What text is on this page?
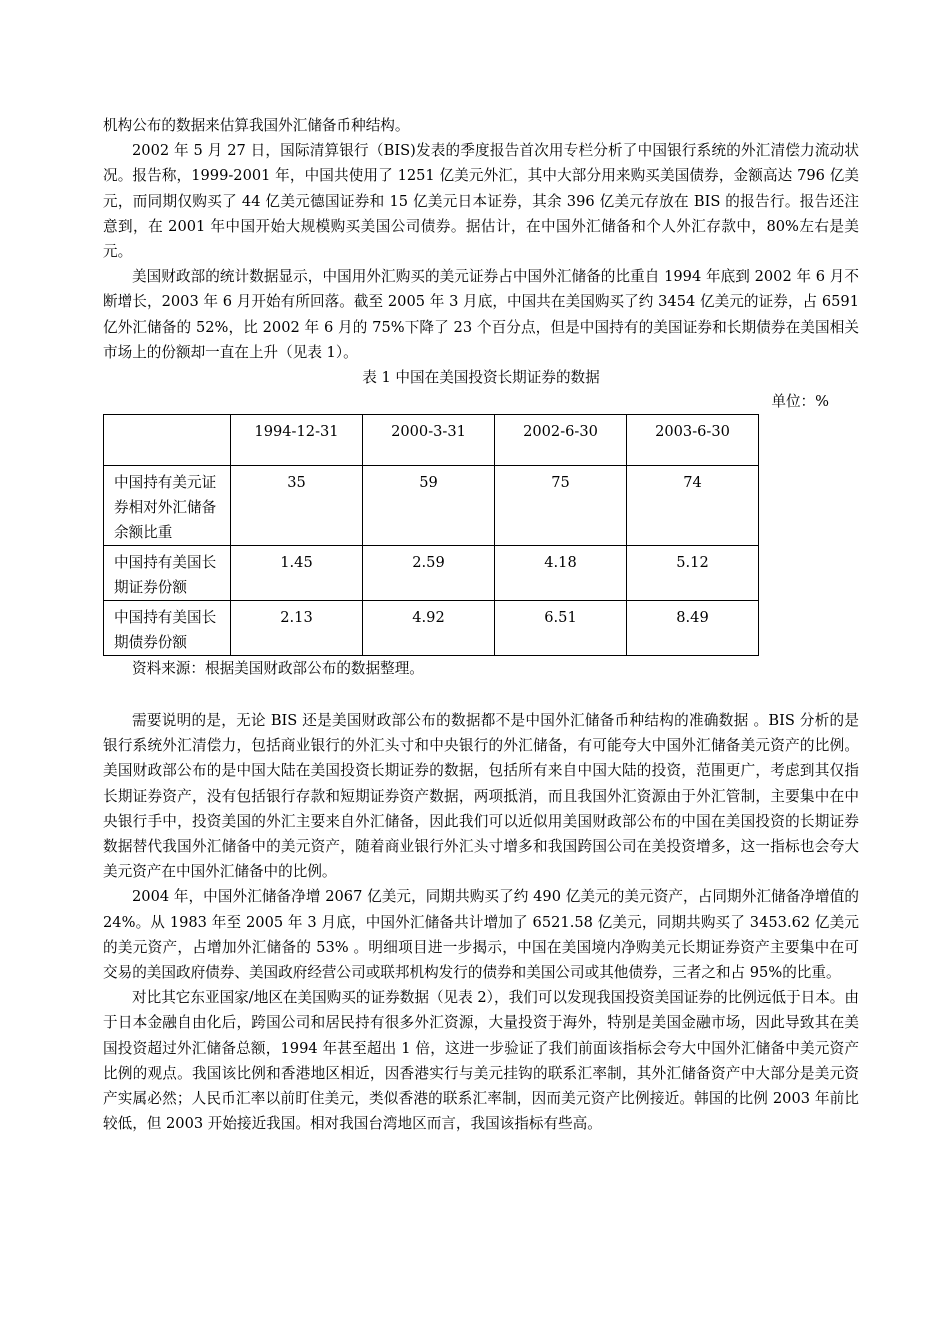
机构公布的数据来估算我国外汇储备币种结构。

2002 年 5 月 27 日，国际清算银行（BIS)发表的季度报告首次用专栏分析了中国银行系统的外汇清偿力流动状况。报告称，1999-2001 年，中国共使用了 1251 亿美元外汇，其中大部分用来购买美国债券，金额高达 796 亿美元，而同期仅购买了 44 亿美元德国证券和 15 亿美元日本证券，其余 396 亿美元存放在 BIS 的报告行。报告还注意到，在 2001 年中国开始大规模购买美国公司债券。据估计，在中国外汇储备和个人外汇存款中，80%左右是美元。

美国财政部的统计数据显示，中国用外汇购买的美元证券占中国外汇储备的比重自 1994 年底到 2002 年 6 月不断增长，2003 年 6 月开始有所回落。截至 2005 年 3 月底，中国共在美国购买了约 3454 亿美元的证券，占 6591 亿外汇储备的 52%，比 2002 年 6 月的 75%下降了 23 个百分点，但是中国持有的美国证券和长期债券在美国相关市场上的份额却一直在上升（见表 1）。

表 1 中国在美国投资长期证券的数据

单位：%

	1994-12-31	2000-3-31	2002-6-30	2003-6-30
中国持有美元证券相对外汇储备余额比重	35	59	75	74
中国持有美国长期证券份额	1.45	2.59	4.18	5.12
中国持有美国长期债券份额	2.13	4.92	6.51	8.49

资料来源：根据美国财政部公布的数据整理。

需要说明的是，无论 BIS 还是美国财政部公布的数据都不是中国外汇储备币种结构的准确数据 。BIS 分析的是银行系统外汇清偿力，包括商业银行的外汇头寸和中央银行的外汇储备，有可能夸大中国外汇储备美元资产的比例。美国财政部公布的是中国大陆在美国投资长期证券的数据，包括所有来自中国大陆的投资，范围更广，考虑到其仅指长期证券资产，没有包括银行存款和短期证券资产数据，两项抵消，而且我国外汇资源由于外汇管制，主要集中在中央银行手中，投资美国的外汇主要来自外汇储备，因此我们可以近似用美国财政部公布的中国在美国投资的长期证券数据替代我国外汇储备中的美元资产，随着商业银行外汇头寸增多和我国跨国公司在美投资增多，这一指标也会夸大美元资产在中国外汇储备中的比例。

2004 年，中国外汇储备净增 2067 亿美元，同期共购买了约 490 亿美元的美元资产，占同期外汇储备净增值的 24%。从 1983 年至 2005 年 3 月底，中国外汇储备共计增加了 6521.58 亿美元，同期共购买了 3453.62 亿美元的美元资产，占增加外汇储备的 53% 。明细项目进一步揭示，中国在美国境内净购美元长期证券资产主要集中在可交易的美国政府债券、美国政府经营公司或联邦机构发行的债券和美国公司或其他债券，三者之和占 95%的比重。

对比其它东亚国家/地区在美国购买的证券数据（见表 2），我们可以发现我国投资美国证券的比例远低于日本。由于日本金融自由化后，跨国公司和居民持有很多外汇资源，大量投资于海外，特别是美国金融市场，因此导致其在美国投资超过外汇储备总额，1994 年甚至超出 1 倍，这进一步验证了我们前面该指标会夸大中国外汇储备中美元资产比例的观点。我国该比例和香港地区相近，因香港实行与美元挂钩的联系汇率制，其外汇储备资产中大部分是美元资产实属必然；人民币汇率以前盯住美元，类似香港的联系汇率制，因而美元资产比例接近。韩国的比例 2003 年前比较低，但 2003 开始接近我国。相对我国台湾地区而言，我国该指标有些高。
